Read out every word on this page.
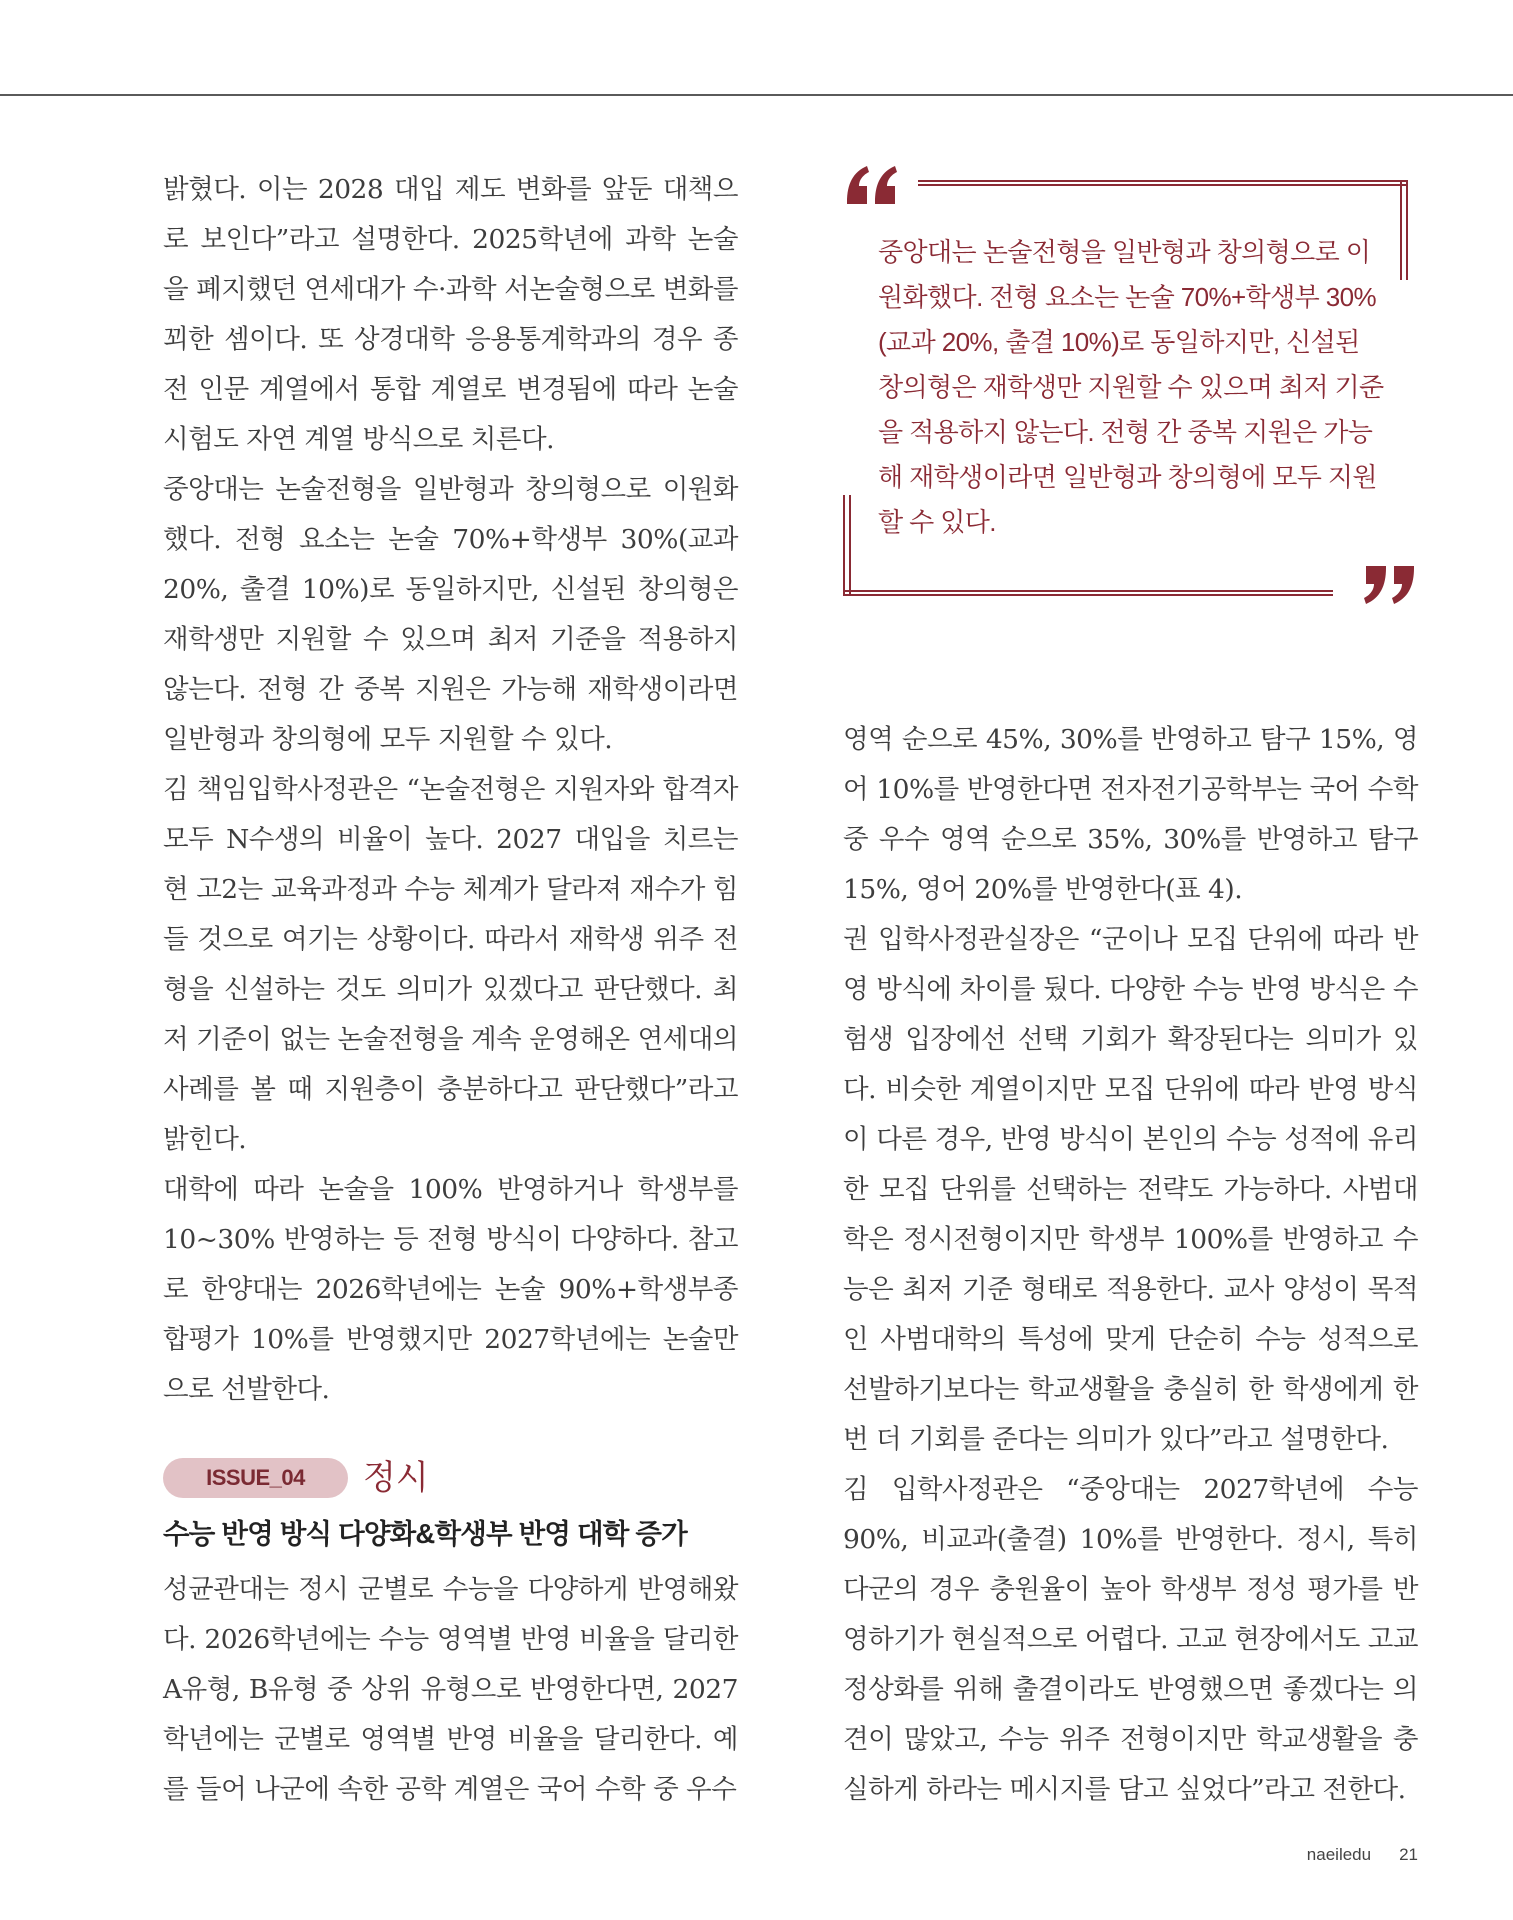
밝혔다. 이는 2028 대입 제도 변화를 앞둔 대책으로 보인다”라고 설명한다. 2025학년에 과학 논술을 폐지했던 연세대가 수·과학 서논술형으로 변화를 꾀한 셈이다. 또 상경대학 응용통계학과의 경우 종전 인문 계열에서 통합 계열로 변경됨에 따라 논술 시험도 자연 계열 방식으로 치른다.

중앙대는 논술전형을 일반형과 창의형으로 이원화했다. 전형 요소는 논술 70%+학생부 30%(교과 20%, 출결 10%)로 동일하지만, 신설된 창의형은 재학생만 지원할 수 있으며 최저 기준을 적용하지 않는다. 전형 간 중복 지원은 가능해 재학생이라면 일반형과 창의형에 모두 지원할 수 있다.

김 책임입학사정관은 “논술전형은 지원자와 합격자 모두 N수생의 비율이 높다. 2027 대입을 치르는 현 고2는 교육과정과 수능 체계가 달라져 재수가 힘들 것으로 여기는 상황이다. 따라서 재학생 위주 전형을 신설하는 것도 의미가 있겠다고 판단했다. 최저 기준이 없는 논술전형을 계속 운영해온 연세대의 사례를 볼 때 지원층이 충분하다고 판단했다”라고 밝힌다.

대학에 따라 논술을 100% 반영하거나 학생부를 10~30% 반영하는 등 전형 방식이 다양하다. 참고로 한양대는 2026학년에는 논술 90%+학생부종합평가 10%를 반영했지만 2027학년에는 논술만으로 선발한다.

ISSUE_04	정시
수능 반영 방식 다양화&학생부 반영 대학 증가

성균관대는 정시 군별로 수능을 다양하게 반영해왔다. 2026학년에는 수능 영역별 반영 비율을 달리한 A유형, B유형 중 상위 유형으로 반영한다면, 2027학년에는 군별로 영역별 반영 비율을 달리한다. 예를 들어 나군에 속한 공학 계열은 국어 수학 중 우수

중앙대는 논술전형을 일반형과 창의형으로 이원화했다. 전형 요소는 논술 70%+학생부 30%(교과 20%, 출결 10%)로 동일하지만, 신설된 창의형은 재학생만 지원할 수 있으며 최저 기준을 적용하지 않는다. 전형 간 중복 지원은 가능해 재학생이라면 일반형과 창의형에 모두 지원할 수 있다.

영역 순으로 45%, 30%를 반영하고 탐구 15%, 영어 10%를 반영한다면 전자전기공학부는 국어 수학 중 우수 영역 순으로 35%, 30%를 반영하고 탐구 15%, 영어 20%를 반영한다(표 4).

권 입학사정관실장은 “군이나 모집 단위에 따라 반영 방식에 차이를 뒀다. 다양한 수능 반영 방식은 수험생 입장에선 선택 기회가 확장된다는 의미가 있다. 비슷한 계열이지만 모집 단위에 따라 반영 방식이 다른 경우, 반영 방식이 본인의 수능 성적에 유리한 모집 단위를 선택하는 전략도 가능하다. 사범대학은 정시전형이지만 학생부 100%를 반영하고 수능은 최저 기준 형태로 적용한다. 교사 양성이 목적인 사범대학의 특성에 맞게 단순히 수능 성적으로 선발하기보다는 학교생활을 충실히 한 학생에게 한 번 더 기회를 준다는 의미가 있다”라고 설명한다.

김 입학사정관은 “중앙대는 2027학년에 수능 90%, 비교과(출결) 10%를 반영한다. 정시, 특히 다군의 경우 충원율이 높아 학생부 정성 평가를 반영하기가 현실적으로 어렵다. 고교 현장에서도 고교 정상화를 위해 출결이라도 반영했으면 좋겠다는 의견이 많았고, 수능 위주 전형이지만 학교생활을 충실하게 하라는 메시지를 담고 싶었다”라고 전한다.

naeiledu 21
